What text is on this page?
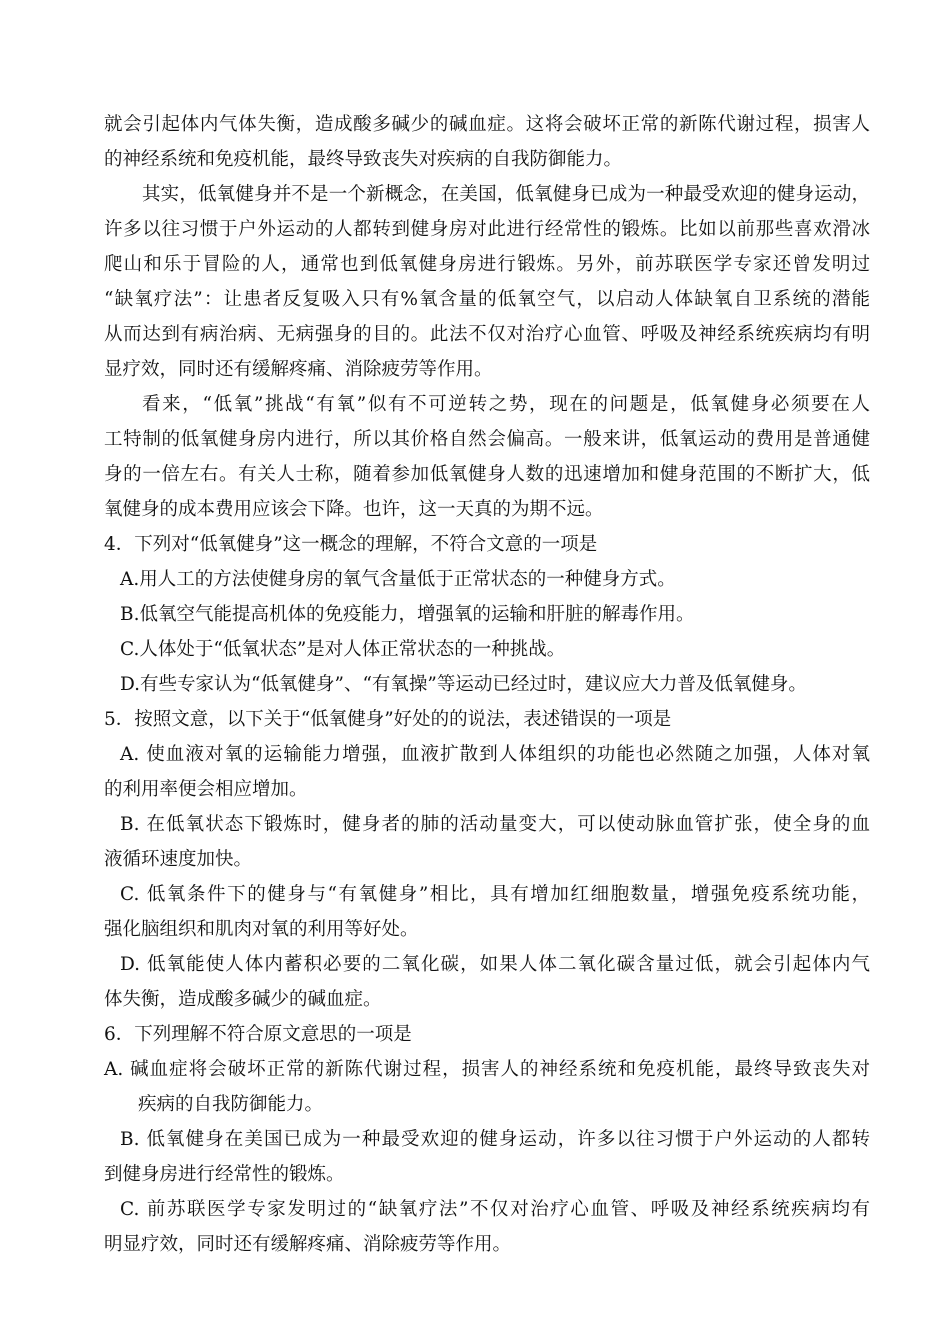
就会引起体内气体失衡，造成酸多碱少的碱血症。这将会破坏正常的新陈代谢过程，损害人
的神经系统和免疫机能，最终导致丧失对疾病的自我防御能力。
其实，低氧健身并不是一个新概念，在美国，低氧健身已成为一种最受欢迎的健身运动，
许多以往习惯于户外运动的人都转到健身房对此进行经常性的锻炼。比如以前那些喜欢滑冰
爬山和乐于冒险的人，通常也到低氧健身房进行锻炼。另外，前苏联医学专家还曾发明过
“缺氧疗法”：让患者反复吸入只有%氧含量的低氧空气，以启动人体缺氧自卫系统的潜能
从而达到有病治病、无病强身的目的。此法不仅对治疗心血管、呼吸及神经系统疾病均有明
显疗效，同时还有缓解疼痛、消除疲劳等作用。
看来，“低氧”挑战“有氧”似有不可逆转之势，现在的问题是，低氧健身必须要在人
工特制的低氧健身房内进行，所以其价格自然会偏高。一般来讲，低氧运动的费用是普通健
身的一倍左右。有关人士称，随着参加低氧健身人数的迅速增加和健身范围的不断扩大，低
氧健身的成本费用应该会下降。也许，这一天真的为期不远。
4．下列对“低氧健身”这一概念的理解，不符合文意的一项是
A.用人工的方法使健身房的氧气含量低于正常状态的一种健身方式。
B.低氧空气能提高机体的免疫能力，增强氧的运输和肝脏的解毒作用。
C.人体处于“低氧状态”是对人体正常状态的一种挑战。
D.有些专家认为“低氧健身”、“有氧操”等运动已经过时，建议应大力普及低氧健身。
5．按照文意，以下关于“低氧健身”好处的的说法，表述错误的一项是
A. 使血液对氧的运输能力增强，血液扩散到人体组织的功能也必然随之加强，人体对氧
的利用率便会相应增加。
B. 在低氧状态下锻炼时，健身者的肺的活动量变大，可以使动脉血管扩张，使全身的血
液循环速度加快。
C. 低氧条件下的健身与“有氧健身”相比，具有增加红细胞数量，增强免疫系统功能，
强化脑组织和肌肉对氧的利用等好处。
D. 低氧能使人体内蓄积必要的二氧化碳，如果人体二氧化碳含量过低，就会引起体内气
体失衡，造成酸多碱少的碱血症。
6．下列理解不符合原文意思的一项是
A. 碱血症将会破坏正常的新陈代谢过程，损害人的神经系统和免疫机能，最终导致丧失对
疾病的自我防御能力。
B. 低氧健身在美国已成为一种最受欢迎的健身运动，许多以往习惯于户外运动的人都转
到健身房进行经常性的锻炼。
C. 前苏联医学专家发明过的“缺氧疗法”不仅对治疗心血管、呼吸及神经系统疾病均有
明显疗效，同时还有缓解疼痛、消除疲劳等作用。
